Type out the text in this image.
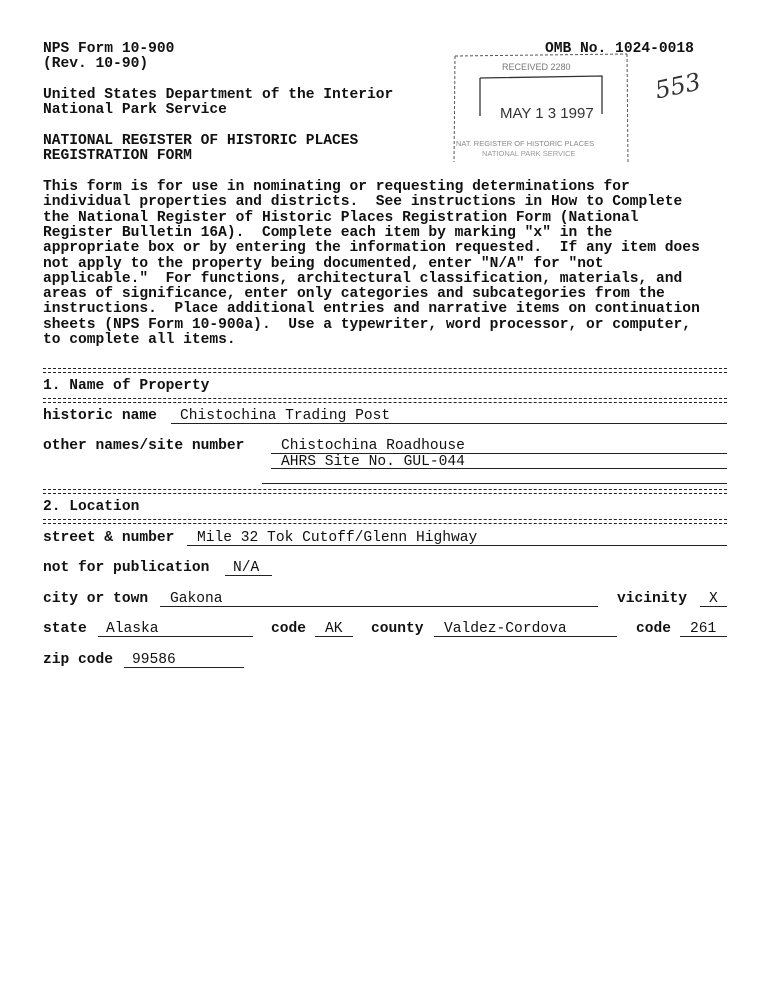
NPS Form 10-900
(Rev. 10-90)
OMB No. 1024-0018
United States Department of the Interior
National Park Service
NATIONAL REGISTER OF HISTORIC PLACES
REGISTRATION FORM
RECEIVED 2280
MAY 1 3 1997
NAT. REGISTER OF HISTORIC PLACES
NATIONAL PARK SERVICE
553
This form is for use in nominating or requesting determinations for
individual properties and districts.  See instructions in How to Complete
the National Register of Historic Places Registration Form (National
Register Bulletin 16A).  Complete each item by marking "x" in the
appropriate box or by entering the information requested.  If any item does
not apply to the property being documented, enter "N/A" for "not
applicable."  For functions, architectural classification, materials, and
areas of significance, enter only categories and subcategories from the
instructions.  Place additional entries and narrative items on continuation
sheets (NPS Form 10-900a).  Use a typewriter, word processor, or computer,
to complete all items.
1. Name of Property
historic name Chistochina Trading Post
other names/site number	Chistochina Roadhouse
AHRS Site No. GUL-044
2. Location
street & number Mile 32 Tok Cutoff/Glenn Highway
not for publication N/A
city or town Gakona	vicinity X
state Alaska	code AK county Valdez-Cordova	code 261
zip code 99586
